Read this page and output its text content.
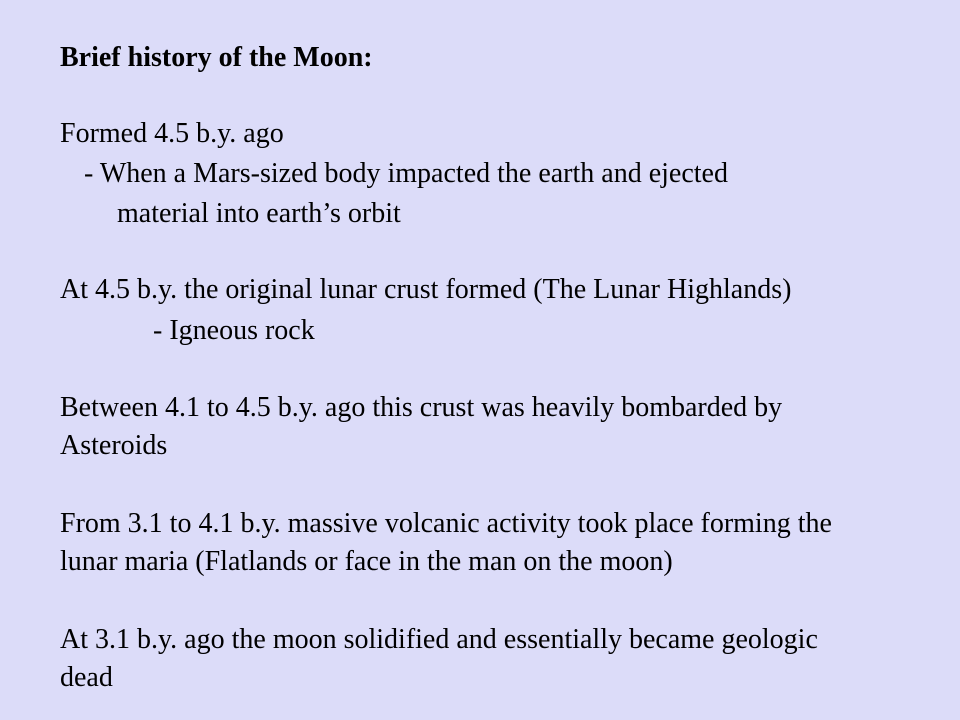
Brief history of the Moon:
Formed 4.5 b.y. ago
- When a Mars-sized body impacted the earth and ejected
material into earth’s orbit
At 4.5 b.y. the original lunar crust formed (The Lunar Highlands)
- Igneous rock
Between 4.1 to 4.5 b.y. ago this crust was heavily bombarded by
Asteroids
From 3.1 to 4.1 b.y. massive volcanic activity took place forming the
lunar maria (Flatlands or face in the man on the moon)
At 3.1 b.y. ago the moon solidified and essentially became geologic
dead
